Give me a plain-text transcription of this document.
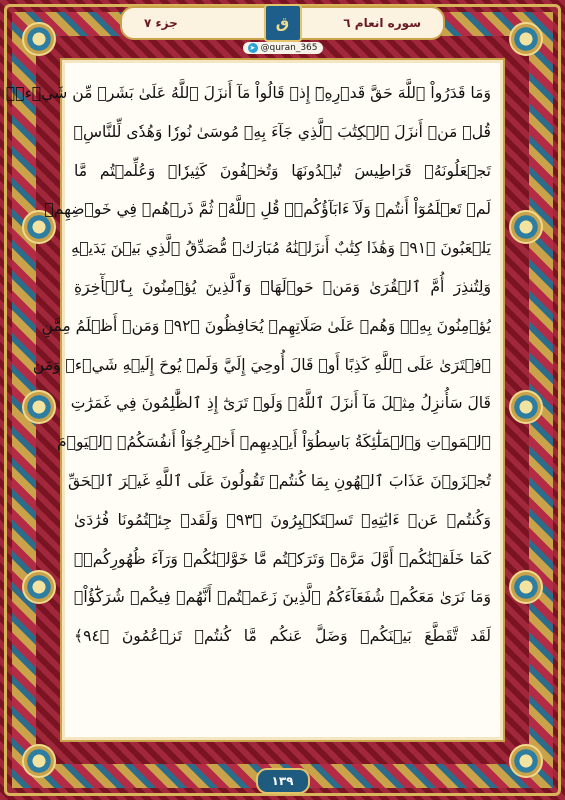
جزء ٧	سوره انعام ٦
ق
➤ @quran_365
وَمَا قَدَرُواْ ٱللَّهَ حَقَّ قَدۡرِهِۦٓ إِذۡ قَالُواْ مَآ أَنزَلَ ٱللَّهُ عَلَىٰ بَشَرٖ مِّن شَيۡءٖۗ
قُلۡ مَنۡ أَنزَلَ ٱلۡكِتَٰبَ ٱلَّذِي جَآءَ بِهِۦ مُوسَىٰ نُورٗا وَهُدٗى لِّلنَّاسِۖ
تَجۡعَلُونَهُۥ قَرَاطِيسَ تُبۡدُونَهَا وَتُخۡفُونَ كَثِيرٗاۖ وَعُلِّمۡتُم مَّا
لَمۡ تَعۡلَمُوٓاْ أَنتُمۡ وَلَآ ءَابَآؤُكُمۡۖ قُلِ ٱللَّهُۖ ثُمَّ ذَرۡهُمۡ فِي خَوۡضِهِمۡ
يَلۡعَبُونَ ﴿٩١﴾ وَهَٰذَا كِتَٰبٌ أَنزَلۡنَٰهُ مُبَارَكٞ مُّصَدِّقُ ٱلَّذِي بَيۡنَ يَدَيۡهِ
وَلِتُنذِرَ أُمَّ ٱلۡقُرَىٰ وَمَنۡ حَوۡلَهَاۚ وَٱلَّذِينَ يُؤۡمِنُونَ بِٱلۡأٓخِرَةِ
يُؤۡمِنُونَ بِهِۦۖ وَهُمۡ عَلَىٰ صَلَاتِهِمۡ يُحَافِظُونَ ﴿٩٢﴾ وَمَنۡ أَظۡلَمُ مِمَّنِ
ٱفۡتَرَىٰ عَلَى ٱللَّهِ كَذِبًا أَوۡ قَالَ أُوحِيَ إِلَيَّ وَلَمۡ يُوحَ إِلَيۡهِ شَيۡءٞ وَمَن
قَالَ سَأُنزِلُ مِثۡلَ مَآ أَنزَلَ ٱللَّهُۗ وَلَوۡ تَرَىٰٓ إِذِ ٱلظَّٰلِمُونَ فِي غَمَرَٰتِ
ٱلۡمَوۡتِ وَٱلۡمَلَٰٓئِكَةُ بَاسِطُوٓاْ أَيۡدِيهِمۡ أَخۡرِجُوٓاْ أَنفُسَكُمُۖ ٱلۡيَوۡمَ
تُجۡزَوۡنَ عَذَابَ ٱلۡهُونِ بِمَا كُنتُمۡ تَقُولُونَ عَلَى ٱللَّهِ غَيۡرَ ٱلۡحَقِّ
وَكُنتُمۡ عَنۡ ءَايَٰتِهِۦ تَسۡتَكۡبِرُونَ ﴿٩٣﴾ وَلَقَدۡ جِئۡتُمُونَا فُرَٰدَىٰ
كَمَا خَلَقۡنَٰكُمۡ أَوَّلَ مَرَّةٖ وَتَرَكۡتُم مَّا خَوَّلۡنَٰكُمۡ وَرَآءَ ظُهُورِكُمۡۖ
وَمَا نَرَىٰ مَعَكُمۡ شُفَعَآءَكُمُ ٱلَّذِينَ زَعَمۡتُمۡ أَنَّهُمۡ فِيكُمۡ شُرَكَٰٓؤُاْۚ
لَقَد تَّقَطَّعَ بَيۡنَكُمۡ وَضَلَّ عَنكُم مَّا كُنتُمۡ تَزۡعُمُونَ ﴿٩٤﴾
١٣٩
